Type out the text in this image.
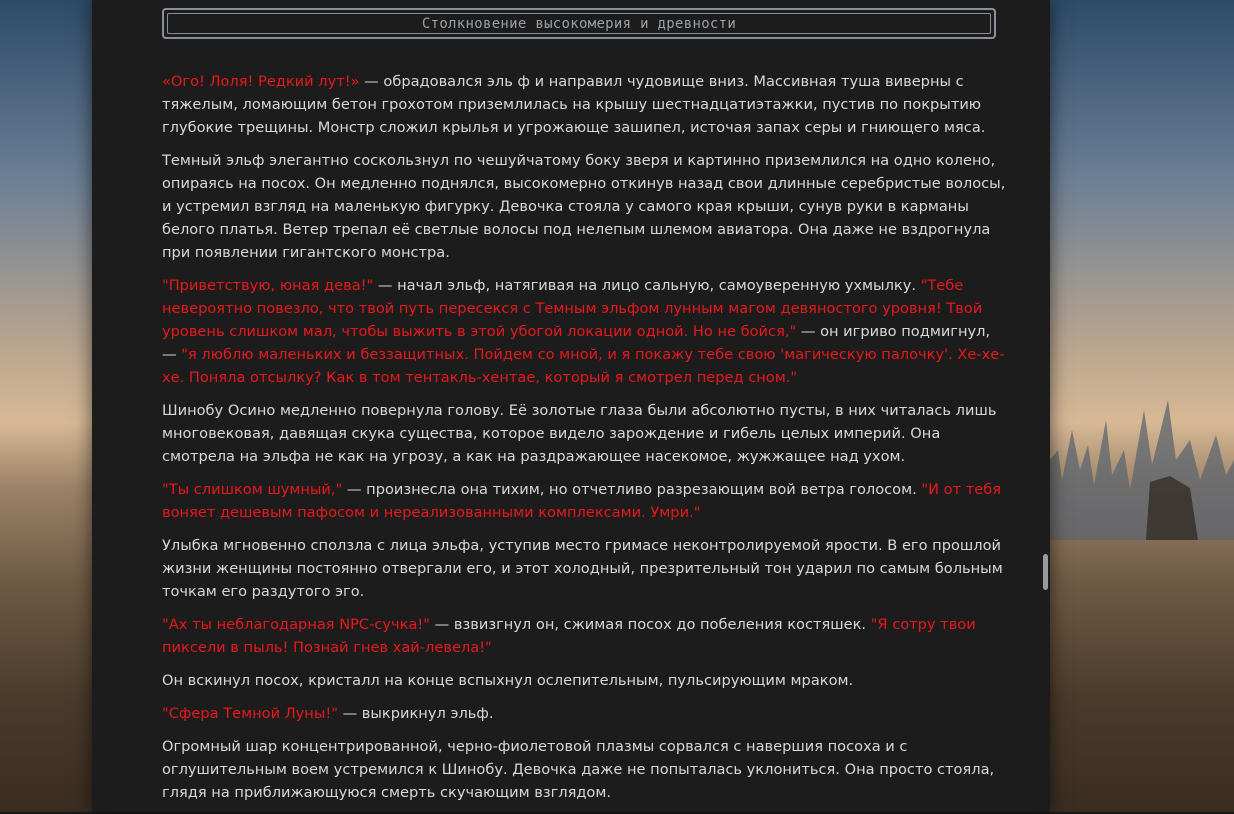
Столкновение высокомерия и древности

«Ого! Лоля! Редкий лут!» — обрадовался эль ф и направил чудовище вниз. Массивная туша виверны с тяжелым, ломающим бетон грохотом приземлилась на крышу шестнадцатиэтажки, пустив по покрытию глубокие трещины. Монстр сложил крылья и угрожающе зашипел, источая запах серы и гниющего мяса.

Темный эльф элегантно соскользнул по чешуйчатому боку зверя и картинно приземлился на одно колено, опираясь на посох. Он медленно поднялся, высокомерно откинув назад свои длинные серебристые волосы, и устремил взгляд на маленькую фигурку. Девочка стояла у самого края крыши, сунув руки в карманы белого платья. Ветер трепал её светлые волосы под нелепым шлемом авиатора. Она даже не вздрогнула при появлении гигантского монстра.

"Приветствую, юная дева!" — начал эльф, натягивая на лицо сальную, самоуверенную ухмылку. "Тебе невероятно повезло, что твой путь пересекся с Темным эльфом лунным магом девяностого уровня! Твой уровень слишком мал, чтобы выжить в этой убогой локации одной. Но не бойся," — он игриво подмигнул, — "я люблю маленьких и беззащитных. Пойдем со мной, и я покажу тебе свою 'магическую палочку'. Хе-хе-хе. Поняла отсылку? Как в том тентакль-хентае, который я смотрел перед сном."

Шинобу Осино медленно повернула голову. Её золотые глаза были абсолютно пусты, в них читалась лишь многовековая, давящая скука существа, которое видело зарождение и гибель целых империй. Она смотрела на эльфа не как на угрозу, а как на раздражающее насекомое, жужжащее над ухом.

"Ты слишком шумный," — произнесла она тихим, но отчетливо разрезающим вой ветра голосом. "И от тебя воняет дешевым пафосом и нереализованными комплексами. Умри."

Улыбка мгновенно сползла с лица эльфа, уступив место гримасе неконтролируемой ярости. В его прошлой жизни женщины постоянно отвергали его, и этот холодный, презрительный тон ударил по самым больным точкам его раздутого эго.

"Ах ты неблагодарная NPC-сучка!" — взвизгнул он, сжимая посох до побеления костяшек. "Я сотру твои пиксели в пыль! Познай гнев хай-левела!"

Он вскинул посох, кристалл на конце вспыхнул ослепительным, пульсирующим мраком.

"Сфера Темной Луны!" — выкрикнул эльф.

Огромный шар концентрированной, черно-фиолетовой плазмы сорвался с навершия посоха и с оглушительным воем устремился к Шинобу. Девочка даже не попыталась уклониться. Она просто стояла, глядя на приближающуюся смерть скучающим взглядом.
